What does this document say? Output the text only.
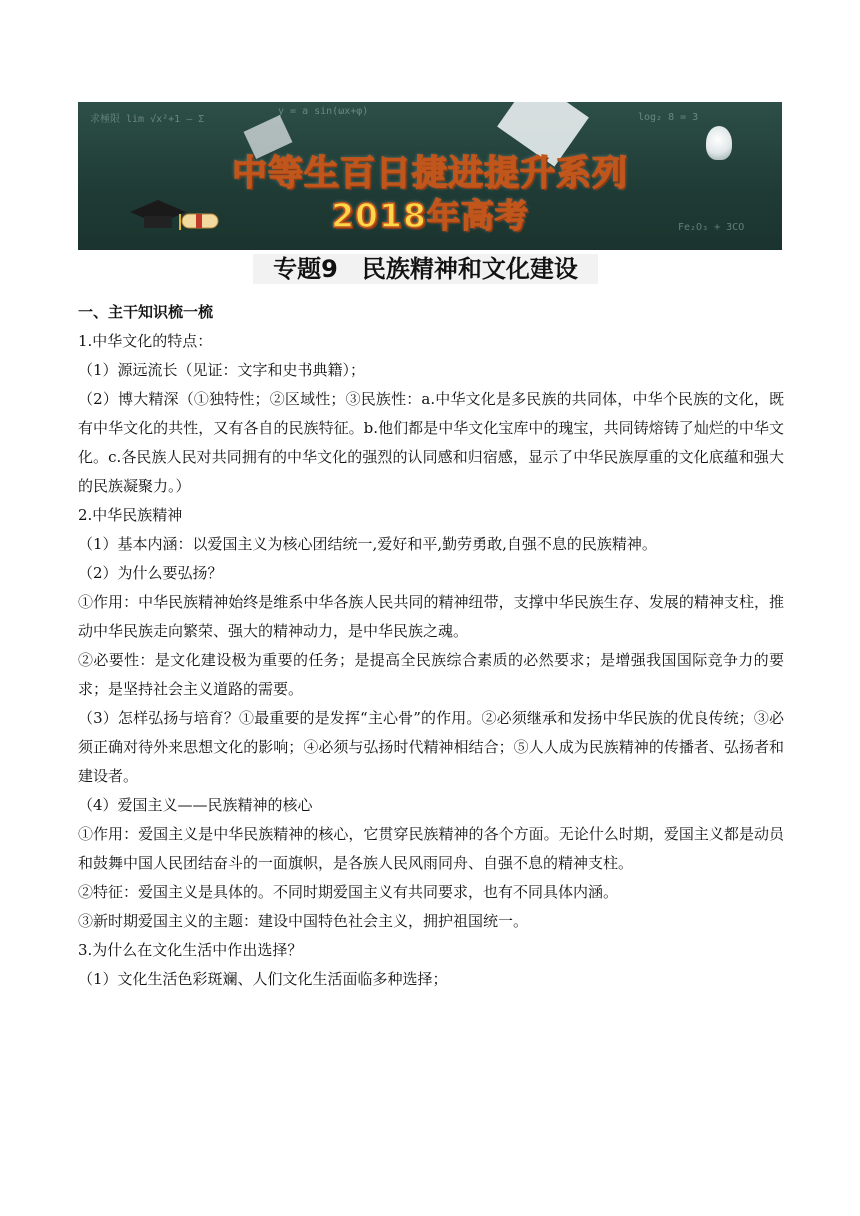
求極限 lim √x²+1 — Σ
y = a sin(ωx+φ)
log₂ 8 = 3
Fe₂O₃ + 3CO
中等生百日捷进提升系列
2018年高考
专题9　民族精神和文化建设

一、主干知识梳一梳

1.中华文化的特点：

（1）源远流长（见证：文字和史书典籍）；

（2）博大精深（①独特性；②区域性；③民族性：a.中华文化是多民族的共同体，中华个民族的文化，既有中华文化的共性，又有各自的民族特征。b.他们都是中华文化宝库中的瑰宝，共同铸熔铸了灿烂的中华文化。c.各民族人民对共同拥有的中华文化的强烈的认同感和归宿感，显示了中华民族厚重的文化底蕴和强大的民族凝聚力。）

2.中华民族精神

（1）基本内涵：以爱国主义为核心团结统一,爱好和平,勤劳勇敢,自强不息的民族精神。

（2）为什么要弘扬？

①作用：中华民族精神始终是维系中华各族人民共同的精神纽带，支撑中华民族生存、发展的精神支柱，推动中华民族走向繁荣、强大的精神动力，是中华民族之魂。

②必要性：是文化建设极为重要的任务；是提高全民族综合素质的必然要求；是增强我国国际竞争力的要求；是坚持社会主义道路的需要。

（3）怎样弘扬与培育？①最重要的是发挥“主心骨”的作用。②必须继承和发扬中华民族的优良传统；③必须正确对待外来思想文化的影响；④必须与弘扬时代精神相结合；⑤人人成为民族精神的传播者、弘扬者和建设者。

（4）爱国主义——民族精神的核心

①作用：爱国主义是中华民族精神的核心，它贯穿民族精神的各个方面。无论什么时期，爱国主义都是动员和鼓舞中国人民团结奋斗的一面旗帜，是各族人民风雨同舟、自强不息的精神支柱。

②特征：爱国主义是具体的。不同时期爱国主义有共同要求，也有不同具体内涵。

③新时期爱国主义的主题：建设中国特色社会主义，拥护祖国统一。

3.为什么在文化生活中作出选择？

（1）文化生活色彩斑斓、人们文化生活面临多种选择；
